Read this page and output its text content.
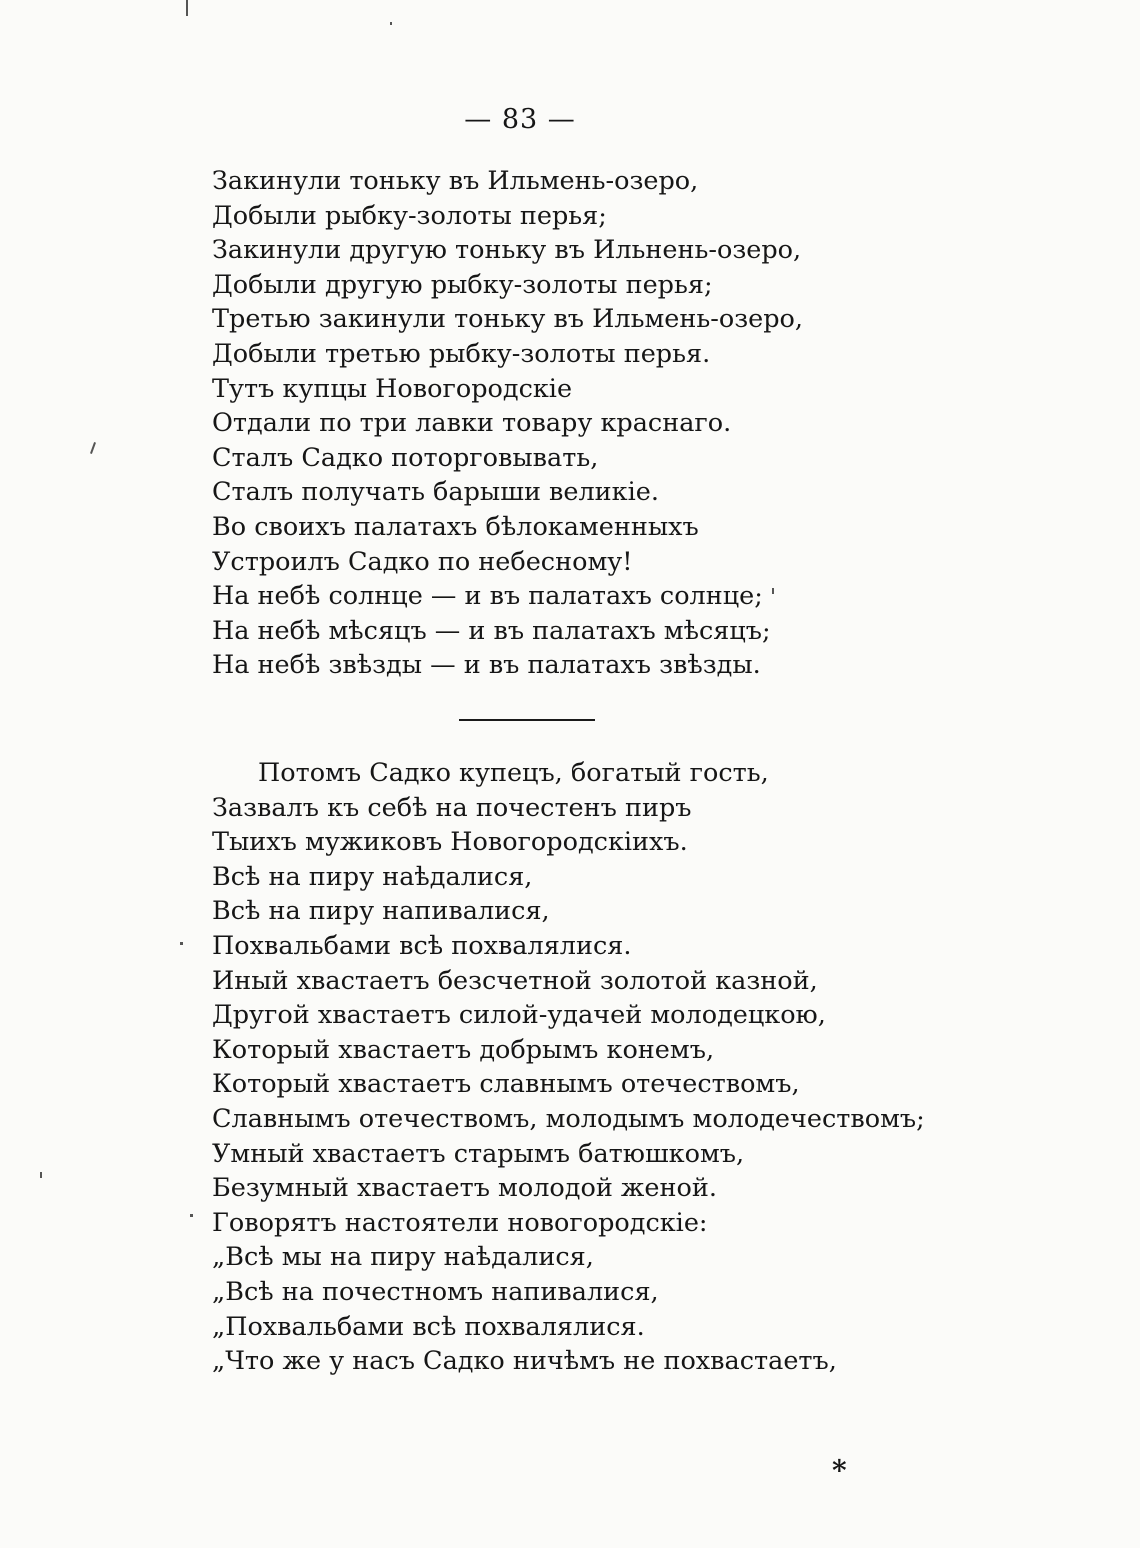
— 83 —
Закинули тоньку въ Ильмень-озеро,
Добыли рыбку-золоты перья;
Закинули другую тоньку въ Ильнень-озеро,
Добыли другую рыбку-золоты перья;
Третью закинули тоньку въ Ильмень-озеро,
Добыли третью рыбку-золоты перья.
Тутъ купцы Новогородскіе
Отдали по три лавки товару краснаго.
Сталъ Садко поторговывать,
Сталъ получать барыши великіе.
Во своихъ палатахъ бѣлокаменныхъ
Устроилъ Садко по небесному!
На небѣ солнце — и въ палатахъ солнце;
На небѣ мѣсяцъ — и въ палатахъ мѣсяцъ;
На небѣ звѣзды — и въ палатахъ звѣзды.
Потомъ Садко купецъ, богатый гость,
Зазвалъ къ себѣ на почестенъ пиръ
Тыихъ мужиковъ Новогородскіихъ.
Всѣ на пиру наѣдалися,
Всѣ на пиру напивалися,
Похвальбами всѣ похвалялися.
Иный хвастаетъ безсчетной золотой казной,
Другой хвастаетъ силой-удачей молодецкою,
Который хвастаетъ добрымъ конемъ,
Который хвастаетъ славнымъ отечествомъ,
Славнымъ отечествомъ, молодымъ молодечествомъ;
Умный хвастаетъ старымъ батюшкомъ,
Безумный хвастаетъ молодой женой.
Говорятъ настоятели новогородскіе:
„Всѣ мы на пиру наѣдалися,
„Всѣ на почестномъ напивалися,
„Похвальбами всѣ похвалялися.
„Что же у насъ Садко ничѣмъ не похвастаетъ,
*
